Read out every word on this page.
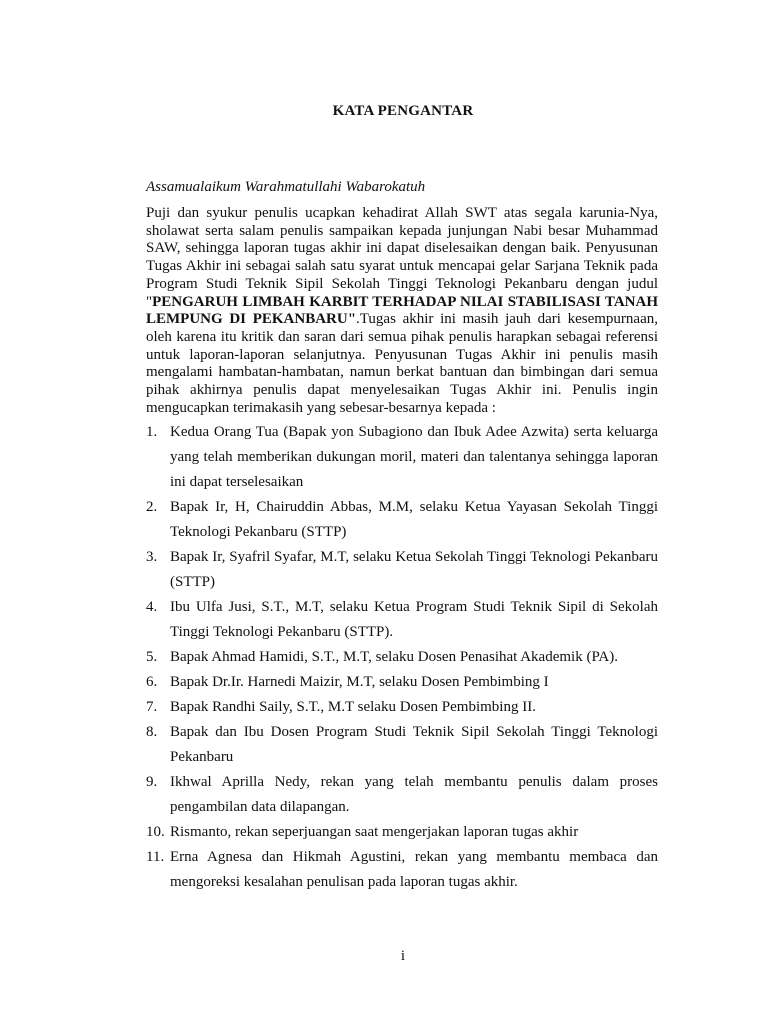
KATA PENGANTAR
Assamualaikum Warahmatullahi Wabarokatuh

Puji dan syukur penulis ucapkan kehadirat Allah SWT atas segala karunia-Nya, sholawat serta salam penulis sampaikan kepada junjungan Nabi besar Muhammad SAW, sehingga laporan tugas akhir ini dapat diselesaikan dengan baik. Penyusunan Tugas Akhir ini sebagai salah satu syarat untuk mencapai gelar Sarjana Teknik pada Program Studi Teknik Sipil Sekolah Tinggi Teknologi Pekanbaru dengan judul "PENGARUH LIMBAH KARBIT TERHADAP NILAI STABILISASI TANAH LEMPUNG DI PEKANBARU".Tugas akhir ini masih jauh dari kesempurnaan, oleh karena itu kritik dan saran dari semua pihak penulis harapkan sebagai referensi untuk laporan-laporan selanjutnya. Penyusunan Tugas Akhir ini penulis masih mengalami hambatan-hambatan, namun berkat bantuan dan bimbingan dari semua pihak akhirnya penulis dapat menyelesaikan Tugas Akhir ini. Penulis ingin mengucapkan terimakasih yang sebesar-besarnya kepada :

1. Kedua Orang Tua (Bapak yon Subagiono dan Ibuk Adee Azwita) serta keluarga yang telah memberikan dukungan moril, materi dan talentanya sehingga laporan ini dapat terselesaikan
2. Bapak Ir, H, Chairuddin Abbas, M.M, selaku Ketua Yayasan Sekolah Tinggi Teknologi Pekanbaru (STTP)
3. Bapak Ir, Syafril Syafar, M.T, selaku Ketua Sekolah Tinggi Teknologi Pekanbaru (STTP)
4. Ibu Ulfa Jusi, S.T., M.T, selaku Ketua Program Studi Teknik Sipil di Sekolah Tinggi Teknologi Pekanbaru (STTP).
5. Bapak Ahmad Hamidi, S.T., M.T, selaku Dosen Penasihat Akademik (PA).
6. Bapak Dr.Ir. Harnedi Maizir, M.T, selaku Dosen Pembimbing I
7. Bapak Randhi Saily, S.T., M.T selaku Dosen Pembimbing II.
8. Bapak dan Ibu Dosen Program Studi Teknik Sipil Sekolah Tinggi Teknologi Pekanbaru
9. Ikhwal Aprilla Nedy, rekan yang telah membantu penulis dalam proses pengambilan data dilapangan.
10. Rismanto, rekan seperjuangan saat mengerjakan laporan tugas akhir
11. Erna Agnesa dan Hikmah Agustini, rekan yang membantu membaca dan mengoreksi kesalahan penulisan pada laporan tugas akhir.
i
